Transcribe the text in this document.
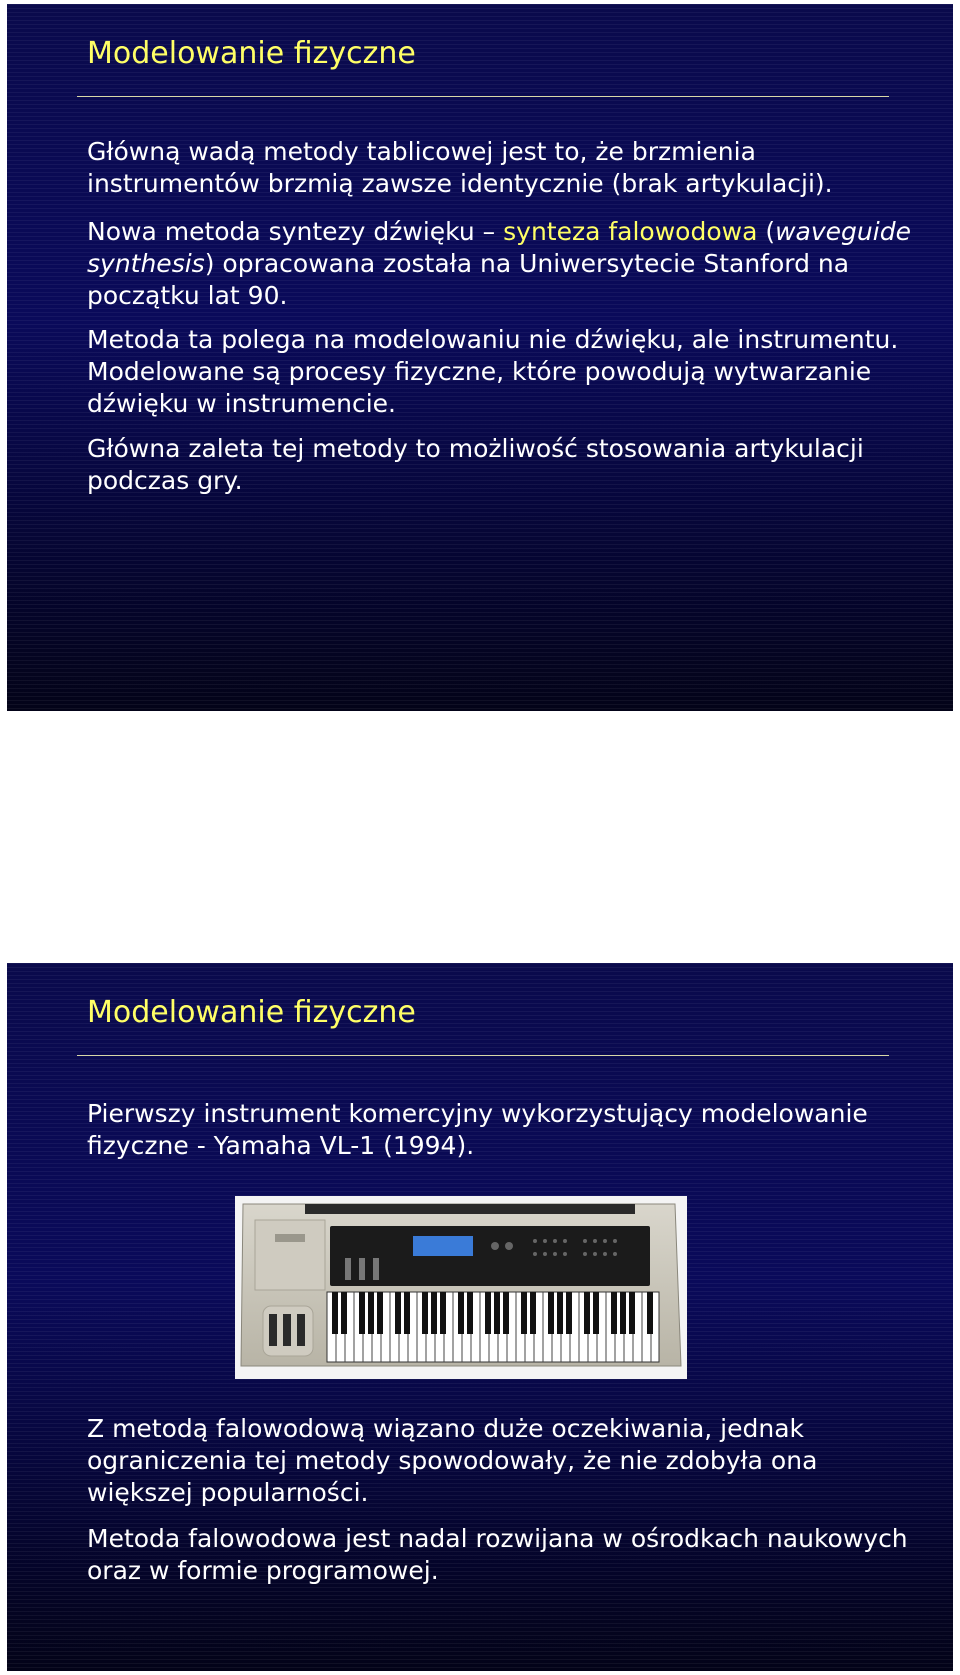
Modelowanie fizyczne

Główną wadą metody tablicowej jest to, że brzmienia instrumentów brzmią zawsze identycznie (brak artykulacji).

Nowa metoda syntezy dźwięku – synteza falowodowa (waveguide synthesis) opracowana została na Uniwersytecie Stanford na początku lat 90.

Metoda ta polega na modelowaniu nie dźwięku, ale instrumentu. Modelowane są procesy fizyczne, które powodują wytwarzanie dźwięku w instrumencie.

Główna zaleta tej metody to możliwość stosowania artykulacji podczas gry.

Modelowanie fizyczne

Pierwszy instrument komercyjny wykorzystujący modelowanie fizyczne - Yamaha VL-1 (1994).

Z metodą falowodową wiązano duże oczekiwania, jednak ograniczenia tej metody spowodowały, że nie zdobyła ona większej popularności.

Metoda falowodowa jest nadal rozwijana w ośrodkach naukowych oraz w formie programowej.
